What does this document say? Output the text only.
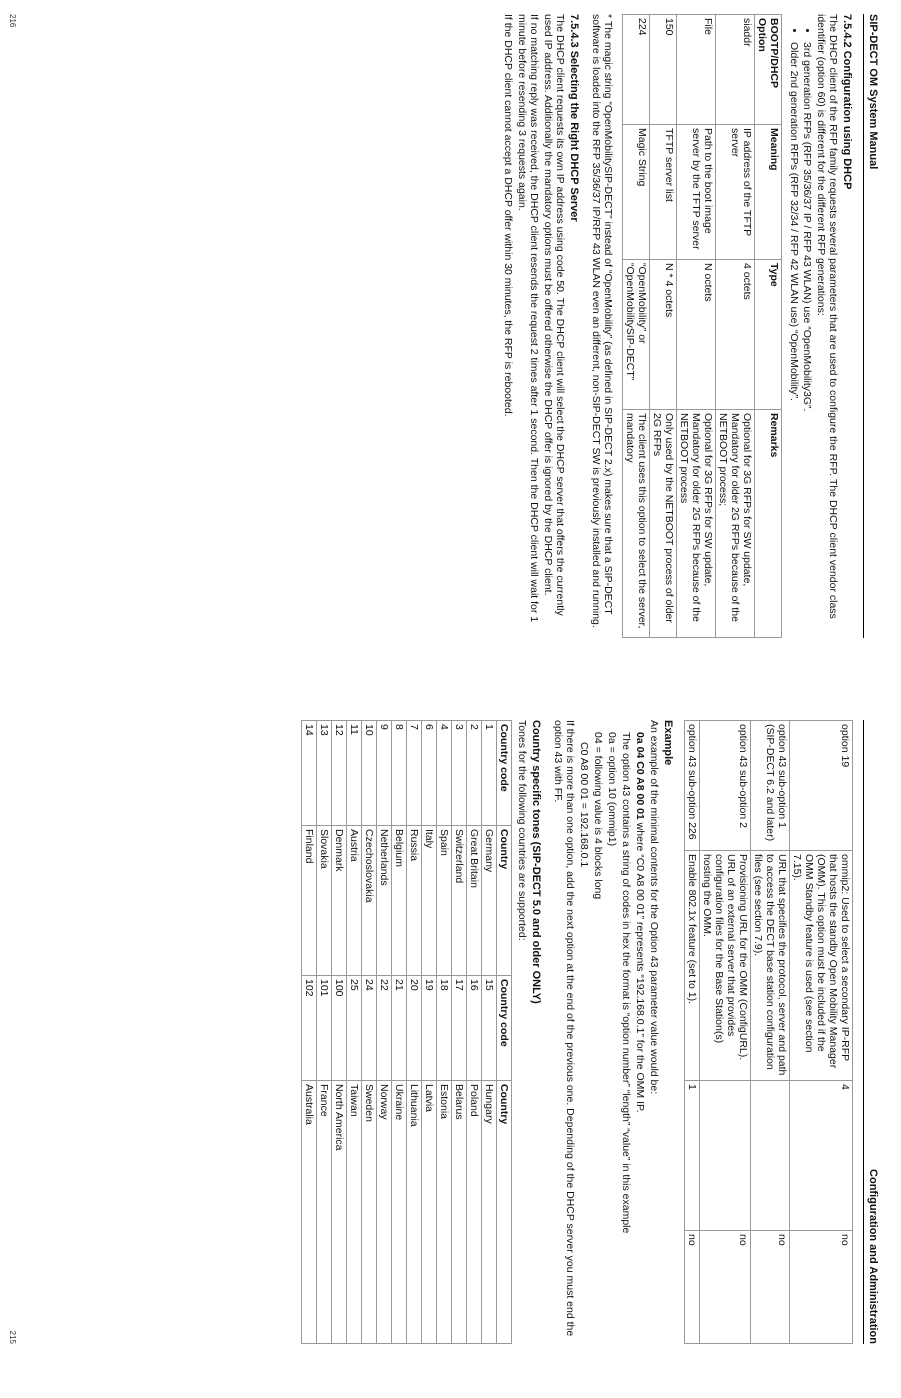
SIP-DECT OM System Manual
7.5.4.2 Configuration using DHCP

The DHCP client of the RFP family requests several parameters that are used to configure the RFP. The DHCP client vendor class identifier (option 60) is different for the different RFP generations:

• 3rd generation RFPs (RFP 35/36/37 IP / RFP 43 WLAN) use “OpenMobility3G”.
• Older 2nd generation RFPs (RFP 32/34 / RFP 42 WLAN use) “OpenMobility”.
BOOTP/DHCP Option	Meaning	Type	Remarks
siaddr	IP address of the TFTP server	4 octets	Optional for 3G RFPs for SW update, Mandatory for older 2G RFPs because of the NETBOOT process;
File	Path to the boot image server by the TFTP server	N octets	Optional for 3G RFPs for SW update, Mandatory for older 2G RFPs because of the NETBOOT process
150	TFTP server list	N * 4 octets	Only used by the NETBOOT process of older 2G RFPs
224	Magic String	“OpenMobility” or “OpenMobilitySIP-DECT”	The client uses this option to select the server, mandatory

* The magic string “OpenMobilitySIP-DECT” instead of “OpenMobility” (as defined in SIP-DECT 2.x) makes sure that a SIP-DECT software is loaded into the RFP 35/36/37 IP/RFP 43 WLAN even an different, non-SIP-DECT SW is previously installed and running.

7.5.4.3 Selecting the Right DHCP Server

The DHCP client requests its own IP address using code 50. The DHCP client will select the DHCP server that offers the currently used IP address. Additionally the mandatory options must be offered otherwise the DHCP offer is ignored by the DHCP client.

If no matching reply was received, the DHCP client resends the request 2 times after 1 second. Then the DHCP client will wait for 1 minute before resending 3 requests again.

If the DHCP client cannot accept a DHCP offer within 30 minutes, the RFP is rebooted.

216
Configuration and Administration
option 19	ommip2: Used to select a secondary IP-RFP that hosts the standby Open Mobility Manager (OMM). This option must be included if the OMM Standby feature is used (see section 7.15).	4	no
option 43 sub-option 1 (SIP-DECT 6.2 and later)	URL that specifies the protocol, server and path to access the DECT base station configuration files (see section 7.9).		no
option 43 sub-option 2	Provisioning URL for the OMM (ConfigURL). URL of an external server that provides configuration files for the Base Station(s) hosting the OMM.		no
option 43 sub-option 226	Enable 802.1x feature (set to 1).	1	no
Example

An example of the minimal contents for the Option 43 parameter value would be:

0a 04 C0 A8 00 01 where “C0 A8 00 01” represents “192.168.0.1” for the OMM IP.

The option 43 contains a string of codes in hex the format is “option number” “length” “value” in this example

0a = option 10 (ommip1)

04 = following value is 4 blocks long

C0 A8 00 01 = 192.168.0.1

If there is more than one option, add the next option at the end of the previous one. Depending of the DHCP server you must end the option 43 with FF.

Country specific tones (SIP-DECT 5.0 and older ONLY)

Tones for the following countries are supported:

Country code	Country	Country code	Country
1	Germany	15	Hungary
2	Great Britain	16	Poland
3	Switzerland	17	Belarus
4	Spain	18	Estonia
6	Italy	19	Latvia
7	Russia	20	Lithuania
8	Belgium	21	Ukraine
9	Netherlands	22	Norway
10	Czechoslovakia	24	Sweden
11	Austria	25	Taiwan
12	Denmark	100	North America
13	Slovakia	101	France
14	Finland	102	Australia
215
